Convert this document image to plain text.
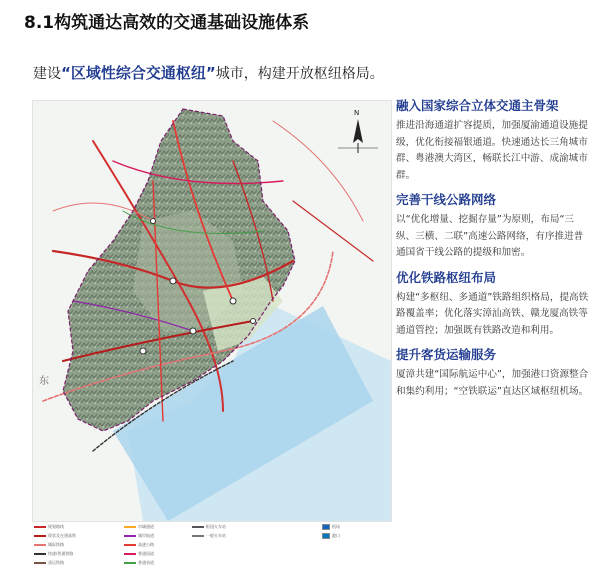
8.1构筑通达高效的交通基础设施体系
建设“区域性综合交通枢纽”城市，构建开放枢纽格局。
N
东
规划路线
现状及在建高铁
城际铁路
快速/普通铁路
货运铁路
市域通道
城市轨道
高速公路
普通国道
普通省道
枢纽火车站
一般火车站
机场
港口
融入国家综合立体交通主骨架

推进沿海通道扩容提质，加强厦渝通道设施提级，优化衔接福银通道。快速通达长三角城市群、粤港澳大湾区，畅联长江中游、成渝城市群。

完善干线公路网络

以“优化增量、挖掘存量”为原则，布局“三纵、三横、二联”高速公路网络，有序推进普通国省干线公路的提级和加密。

优化铁路枢纽布局

构建“多枢纽、多通道”铁路组织格局，提高铁路覆盖率；优化落实漳汕高铁、赣龙厦高铁等通道管控；加强既有铁路改造和利用。

提升客货运输服务

厦漳共建“国际航运中心”，加强港口资源整合和集约利用；“空铁联运”直达区域枢纽机场。
